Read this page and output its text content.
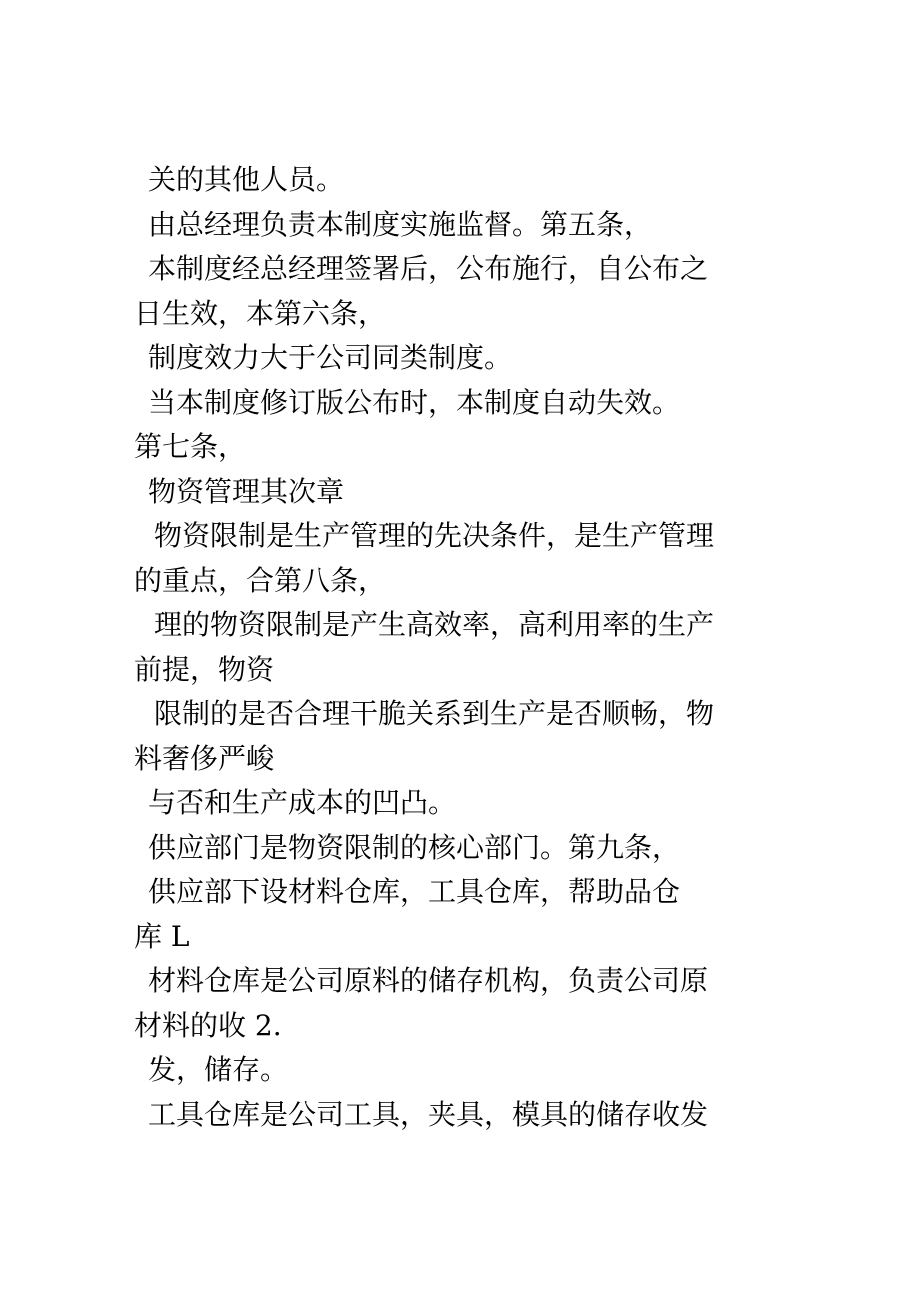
关的其他人员。
由总经理负责本制度实施监督。第五条，
本制度经总经理签署后，公布施行，自公布之
日生效，本第六条，
制度效力大于公司同类制度。
当本制度修订版公布时，本制度自动失效。
第七条，
物资管理其次章
物资限制是生产管理的先决条件，是生产管理
的重点，合第八条，
理的物资限制是产生高效率，高利用率的生产
前提，物资
限制的是否合理干脆关系到生产是否顺畅，物
料奢侈严峻
与否和生产成本的凹凸。
供应部门是物资限制的核心部门。第九条，
供应部下设材料仓库，工具仓库，帮助品仓
库 L
材料仓库是公司原料的储存机构，负责公司原
材料的收 2.
发，储存。
工具仓库是公司工具，夹具，模具的储存收发
